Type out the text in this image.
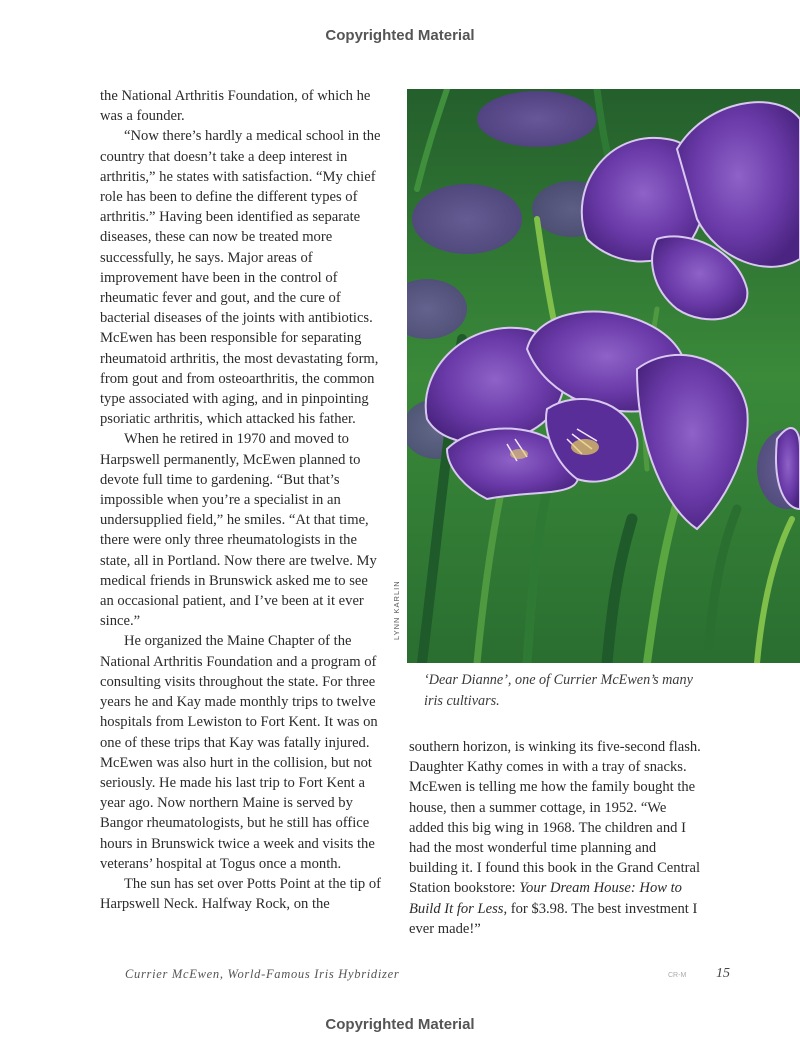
Copyrighted Material

the National Arthritis Foundation, of which he was a founder.

“Now there’s hardly a medical school in the country that doesn’t take a deep interest in arthritis,” he states with satisfaction. “My chief role has been to define the different types of arthritis.” Having been identified as separate diseases, these can now be treated more successfully, he says. Major areas of improvement have been in the control of rheumatic fever and gout, and the cure of bacterial diseases of the joints with antibiotics. McEwen has been responsible for separating rheumatoid arthritis, the most devastating form, from gout and from osteoarthritis, the common type associated with aging, and in pinpointing psoriatic arthritis, which attacked his father.

When he retired in 1970 and moved to Harpswell permanently, McEwen planned to devote full time to gardening. “But that’s impossible when you’re a specialist in an undersupplied field,” he smiles. “At that time, there were only three rheumatologists in the state, all in Portland. Now there are twelve. My medical friends in Brunswick asked me to see an occasional patient, and I’ve been at it ever since.”

He organized the Maine Chapter of the National Arthritis Foundation and a program of consulting visits throughout the state. For three years he and Kay made monthly trips to twelve hospitals from Lewiston to Fort Kent. It was on one of these trips that Kay was fatally injured. McEwen was also hurt in the collision, but not seriously. He made his last trip to Fort Kent a year ago. Now northern Maine is served by Bangor rheumatologists, but he still has office hours in Brunswick twice a week and visits the veterans’ hospital at Togus once a month.

The sun has set over Potts Point at the tip of Harpswell Neck. Halfway Rock, on the

LYNN KARLIN
‘Dear Dianne’, one of Currier McEwen’s many iris cultivars.

southern horizon, is winking its five-second flash. Daughter Kathy comes in with a tray of snacks. McEwen is telling me how the family bought the house, then a summer cottage, in 1952. “We added this big wing in 1968. The children and I had the most wonderful time planning and building it. I found this book in the Grand Central Station bookstore: Your Dream House: How to Build It for Less, for $3.98. The best investment I ever made!”

Currier McEwen, World-Famous Iris Hybridizer	CR-M 15
Copyrighted Material
